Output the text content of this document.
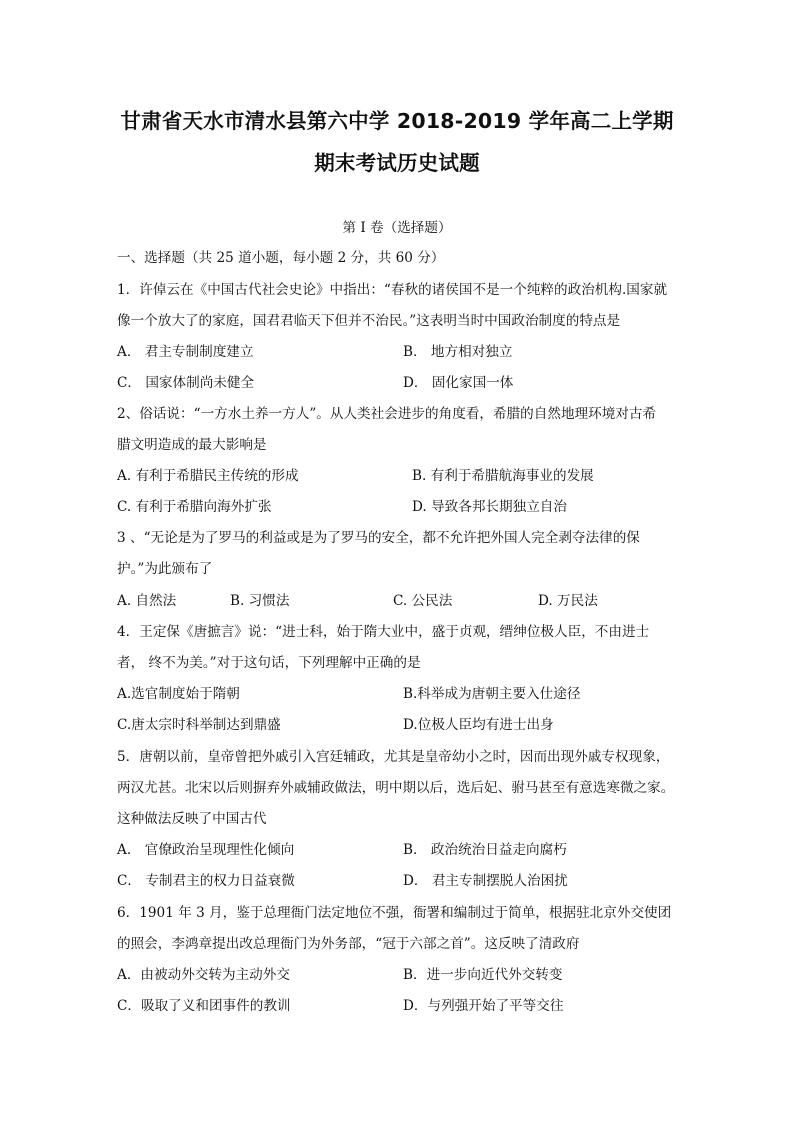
甘肃省天水市清水县第六中学 2018-2019 学年高二上学期
期末考试历史试题
第 I 卷（选择题）
一、选择题（共 25 道小题，每小题 2 分，共 60 分）
1．许倬云在《中国古代社会史论》中指出：“春秋的诸侯国不是一个纯粹的政治机构.国家就
像一个放大了的家庭，国君君临天下但并不治民。”这表明当时中国政治制度的特点是
A． 君主专制制度建立	B． 地方相对独立
C． 国家体制尚未健全	D． 固化家国一体
2、俗话说：“一方水土养一方人”。从人类社会进步的角度看，希腊的自然地理环境对古希
腊文明造成的最大影响是
A. 有利于希腊民主传统的形成	B. 有利于希腊航海事业的发展
C. 有利于希腊向海外扩张	D. 导致各邦长期独立自治
3 、“无论是为了罗马的利益或是为了罗马的安全，都不允许把外国人完全剥夺法律的保
护。”为此颁布了
A. 自然法	B. 习惯法	C. 公民法	D. 万民法
4．王定保《唐摭言》说：“进士科，始于隋大业中，盛于贞观，缙绅位极人臣，不由进士
者， 终不为美。”对于这句话，下列理解中正确的是
A.选官制度始于隋朝	B.科举成为唐朝主要入仕途径
C.唐太宗时科举制达到鼎盛	D.位极人臣均有进士出身
5．唐朝以前，皇帝曾把外戚引入宫廷辅政，尤其是皇帝幼小之时，因而出现外戚专权现象，
两汉尤甚。北宋以后则摒弃外戚辅政做法，明中期以后，选后妃、驸马甚至有意选寒微之家。
这种做法反映了中国古代
A． 官僚政治呈现理性化倾向	B． 政治统治日益走向腐朽
C． 专制君主的权力日益衰微	D． 君主专制摆脱人治困扰
6．1901 年 3 月，鉴于总理衙门法定地位不强，衙署和编制过于简单，根据驻北京外交使团
的照会，李鸿章提出改总理衙门为外务部，“冠于六部之首”。这反映了清政府
A．由被动外交转为主动外交	B．进一步向近代外交转变
C．吸取了义和团事件的教训	D．与列强开始了平等交往
